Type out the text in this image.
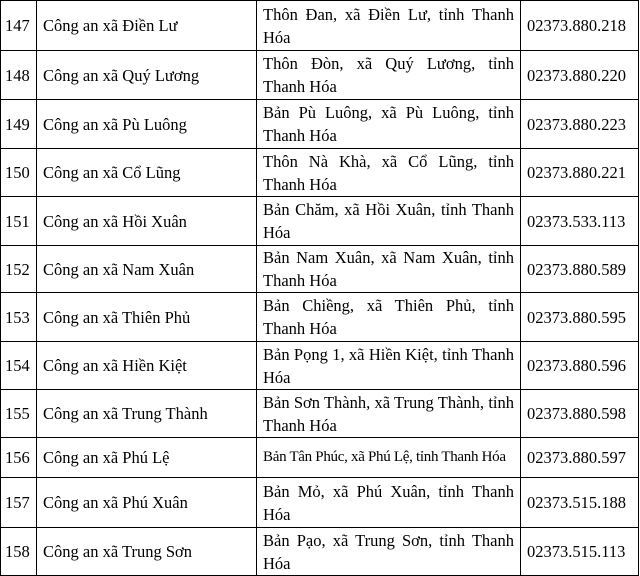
147	Công an xã Điền Lư	Thôn Đan, xã Điền Lư, tỉnh Thanh Hóa	02373.880.218
148	Công an xã Quý Lương	Thôn Đòn, xã Quý Lương, tỉnh Thanh Hóa	02373.880.220
149	Công an xã Pù Luông	Bản Pù Luông, xã Pù Luông, tỉnh Thanh Hóa	02373.880.223
150	Công an xã Cổ Lũng	Thôn Nà Khà, xã Cổ Lũng, tỉnh Thanh Hóa	02373.880.221
151	Công an xã Hồi Xuân	Bản Chăm, xã Hồi Xuân, tỉnh Thanh Hóa	02373.533.113
152	Công an xã Nam Xuân	Bản Nam Xuân, xã Nam Xuân, tỉnh Thanh Hóa	02373.880.589
153	Công an xã Thiên Phủ	Bản Chiềng, xã Thiên Phủ, tỉnh Thanh Hóa	02373.880.595
154	Công an xã Hiền Kiệt	Bản Pọng 1, xã Hiền Kiệt, tỉnh Thanh Hóa	02373.880.596
155	Công an xã Trung Thành	Bản Sơn Thành, xã Trung Thành, tỉnh Thanh Hóa	02373.880.598
156	Công an xã Phú Lệ	Bản Tân Phúc, xã Phú Lệ, tỉnh Thanh Hóa	02373.880.597
157	Công an xã Phú Xuân	Bản Mỏ, xã Phú Xuân, tỉnh Thanh Hóa	02373.515.188
158	Công an xã Trung Sơn	Bản Pạo, xã Trung Sơn, tỉnh Thanh Hóa	02373.515.113
